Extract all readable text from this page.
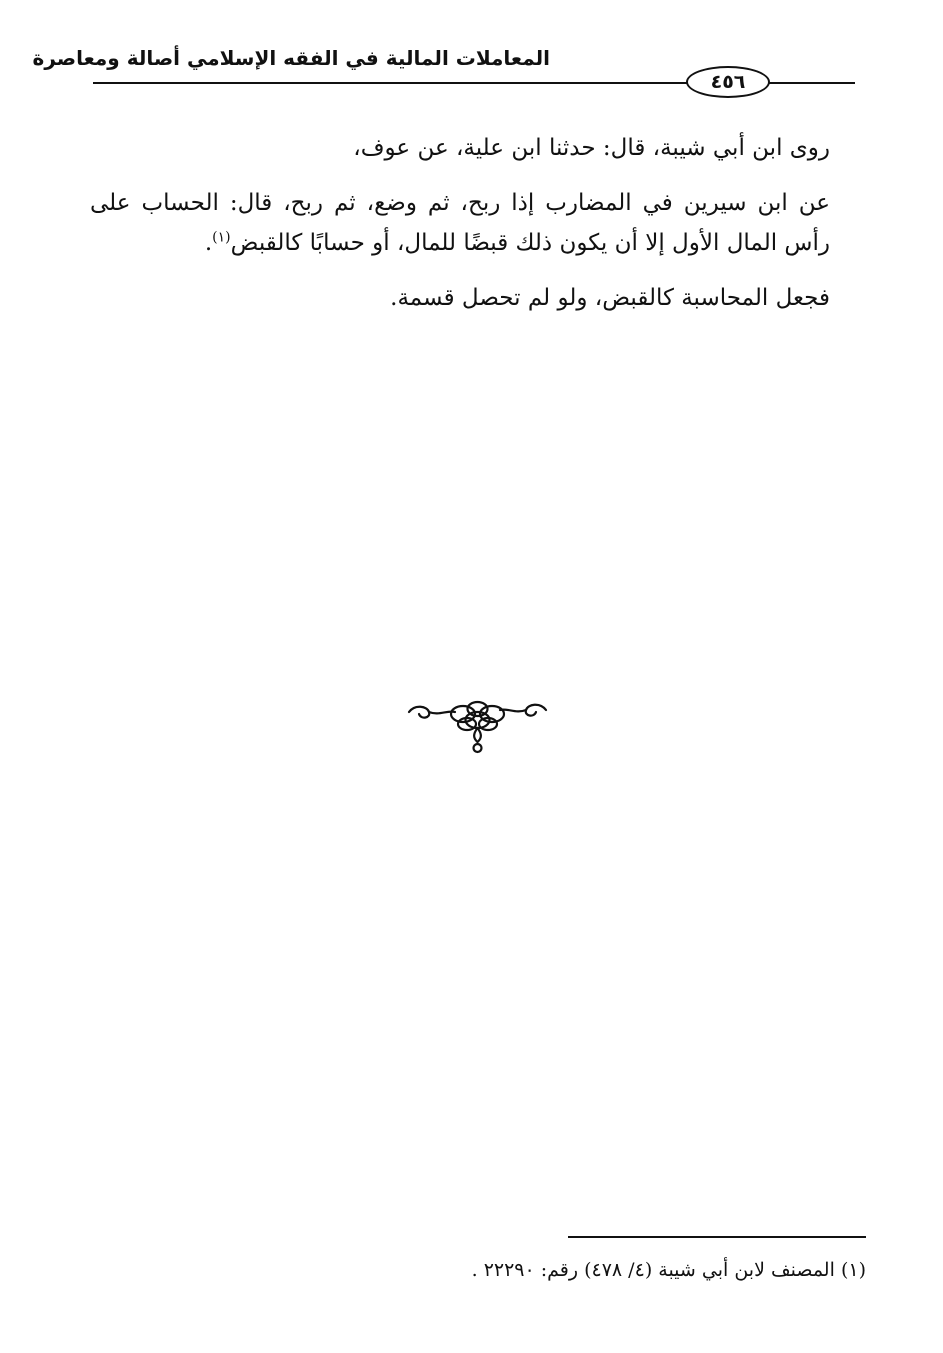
المعاملات المالية في الفقه الإسلامي أصالة ومعاصرة
٤٥٦

روى ابن أبي شيبة، قال: حدثنا ابن علية، عن عوف،

عن ابن سيرين في المضارب إذا ربح، ثم وضع، ثم ربح، قال: الحساب على رأس المال الأول إلا أن يكون ذلك قبضًا للمال، أو حسابًا كالقبض$^{(١)}$.

فجعل المحاسبة كالقبض، ولو لم تحصل قسمة.

(١) المصنف لابن أبي شيبة (٤/ ٤٧٨) رقم: ٢٢٢٩٠ .
